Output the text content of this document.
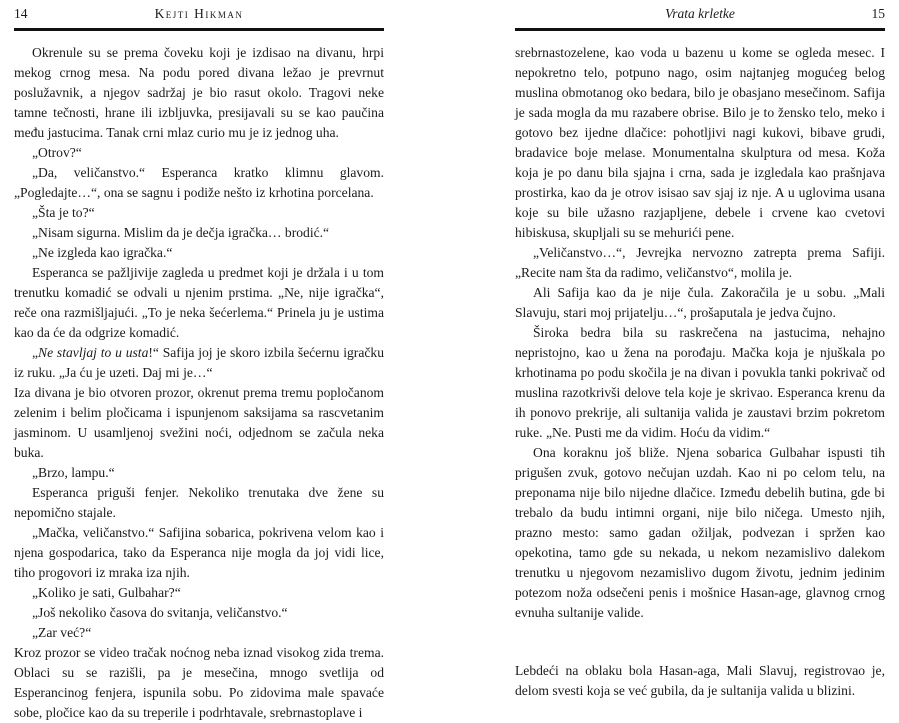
14	Kejti Hikman

Okrenule su se prema čoveku koji je izdisao na divanu, hrpi mekog crnog mesa. Na podu pored divana ležao je prevrnut poslužavnik, a njegov sadržaj je bio rasut okolo. Tragovi neke tamne tečnosti, hrane ili izbljuvka, presijavali su se kao paučina među jastucima. Tanak crni mlaz curio mu je iz jednog uha.

„Otrov?“

„Da, veličanstvo.“ Esperanca kratko klimnu glavom. „Pogledajte…“, ona se sagnu i podiže nešto iz krhotina porcelana.

„Šta je to?“

„Nisam sigurna. Mislim da je dečja igračka… brodić.“

„Ne izgleda kao igračka.“

Esperanca se pažljivije zagleda u predmet koji je držala i u tom trenutku komadić se odvali u njenim prstima. „Ne, nije igračka“, reče ona razmišljajući. „To je neka šećerlema.“ Prinela ju je ustima kao da će da odgrize komadić.

„Ne stavljaj to u usta!“ Safija joj je skoro izbila šećernu igračku iz ruku. „Ja ću je uzeti. Daj mi je…“

Iza divana je bio otvoren prozor, okrenut prema tremu popločanom zelenim i belim pločicama i ispunjenom saksijama sa rascvetanim jasminom. U usamljenoj svežini noći, odjednom se začula neka buka.

„Brzo, lampu.“

Esperanca priguši fenjer. Nekoliko trenutaka dve žene su nepomično stajale.

„Mačka, veličanstvo.“ Safijina sobarica, pokrivena velom kao i njena gospodarica, tako da Esperanca nije mogla da joj vidi lice, tiho progovori iz mraka iza njih.

„Koliko je sati, Gulbahar?“

„Još nekoliko časova do svitanja, veličanstvo.“

„Zar već?“

Kroz prozor se video tračak noćnog neba iznad visokog zida trema. Oblaci su se razišli, pa je mesečina, mnogo svetlija od Esperancinog fenjera, ispunila sobu. Po zidovima male spavaće sobe, pločice kao da su treperile i podrhtavale, srebrnastoplave i

Vrata krletke	15

srebrnastozelene, kao voda u bazenu u kome se ogleda mesec. I nepokretno telo, potpuno nago, osim najtanjeg mogućeg belog muslina obmotanog oko bedara, bilo je obasjano mesečinom. Safija je sada mogla da mu razabere obrise. Bilo je to žensko telo, meko i gotovo bez ijedne dlačice: pohotljivi nagi kukovi, bibave grudi, bradavice boje melase. Monumentalna skulptura od mesa. Koža koja je po danu bila sjajna i crna, sada je izgledala kao prašnjava prostirka, kao da je otrov isisao sav sjaj iz nje. A u uglovima usana koje su bile užasno razjapljene, debele i crvene kao cvetovi hibiskusa, skupljali su se mehurići pene.

„Veličanstvo…“, Jevrejka nervozno zatrepta prema Safiji. „Recite nam šta da radimo, veličanstvo“, molila je.

Ali Safija kao da je nije čula. Zakoračila je u sobu. „Mali Slavuju, stari moj prijatelju…“, prošaputala je jedva čujno.

Široka bedra bila su raskrečena na jastucima, nehajno nepristojno, kao u žena na porođaju. Mačka koja je njuškala po krhotinama po podu skočila je na divan i povukla tanki pokrivač od muslina razotkrivši delove tela koje je skrivao. Esperanca krenu da ih ponovo prekrije, ali sultanija valida je zaustavi brzim pokretom ruke. „Ne. Pusti me da vidim. Hoću da vidim.“

Ona koraknu još bliže. Njena sobarica Gulbahar ispusti tih prigušen zvuk, gotovo nečujan uzdah. Kao ni po celom telu, na preponama nije bilo nijedne dlačice. Između debelih butina, gde bi trebalo da budu intimni organi, nije bilo ničega. Umesto njih, prazno mesto: samo gadan ožiljak, podvezan i spržen kao opekotina, tamo gde su nekada, u nekom nezamislivo dalekom trenutku u njegovom nezamislivo dugom životu, jednim jedinim potezom noža odsečeni penis i mošnice Hasan-age, glavnog crnog evnuha sultanije valide.

Lebdeći na oblaku bola Hasan-aga, Mali Slavuj, registrovao je, delom svesti koja se već gubila, da je sultanija valida u blizini.
